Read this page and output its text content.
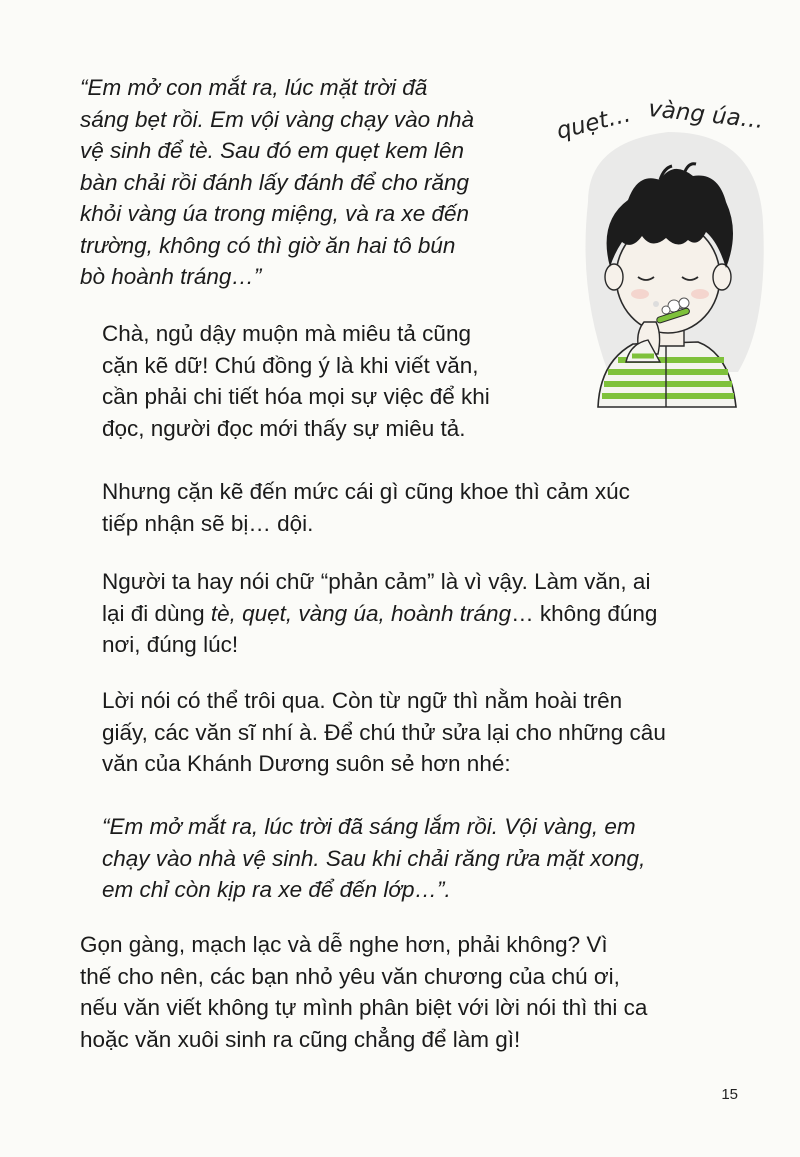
“Em mở con mắt ra, lúc mặt trời đã
sáng bẹt rồi. Em vội vàng chạy vào nhà
vệ sinh để tè. Sau đó em quẹt kem lên
bàn chải rồi đánh lấy đánh để cho răng
khỏi vàng úa trong miệng, và ra xe đến
trường, không có thì giờ ăn hai tô bún
bò hoành tráng…”

Chà, ngủ dậy muộn mà miêu tả cũng
cặn kẽ dữ! Chú đồng ý là khi viết văn,
cần phải chi tiết hóa mọi sự việc để khi
đọc, người đọc mới thấy sự miêu tả.

Nhưng cặn kẽ đến mức cái gì cũng khoe thì cảm xúc
tiếp nhận sẽ bị… dội.

Người ta hay nói chữ “phản cảm” là vì vậy. Làm văn, ai
lại đi dùng tè, quẹt, vàng úa, hoành tráng… không đúng
nơi, đúng lúc!

Lời nói có thể trôi qua. Còn từ ngữ thì nằm hoài trên
giấy, các văn sĩ nhí à. Để chú thử sửa lại cho những câu
văn của Khánh Dương suôn sẻ hơn nhé:

“Em mở mắt ra, lúc trời đã sáng lắm rồi. Vội vàng, em
chạy vào nhà vệ sinh. Sau khi chải răng rửa mặt xong,
em chỉ còn kịp ra xe để đến lớp…”.

Gọn gàng, mạch lạc và dễ nghe hơn, phải không? Vì
thế cho nên, các bạn nhỏ yêu văn chương của chú ơi,
nếu văn viết không tự mình phân biệt với lời nói thì thi ca
hoặc văn xuôi sinh ra cũng chẳng để làm gì!

15
quẹt… vàng úa…
